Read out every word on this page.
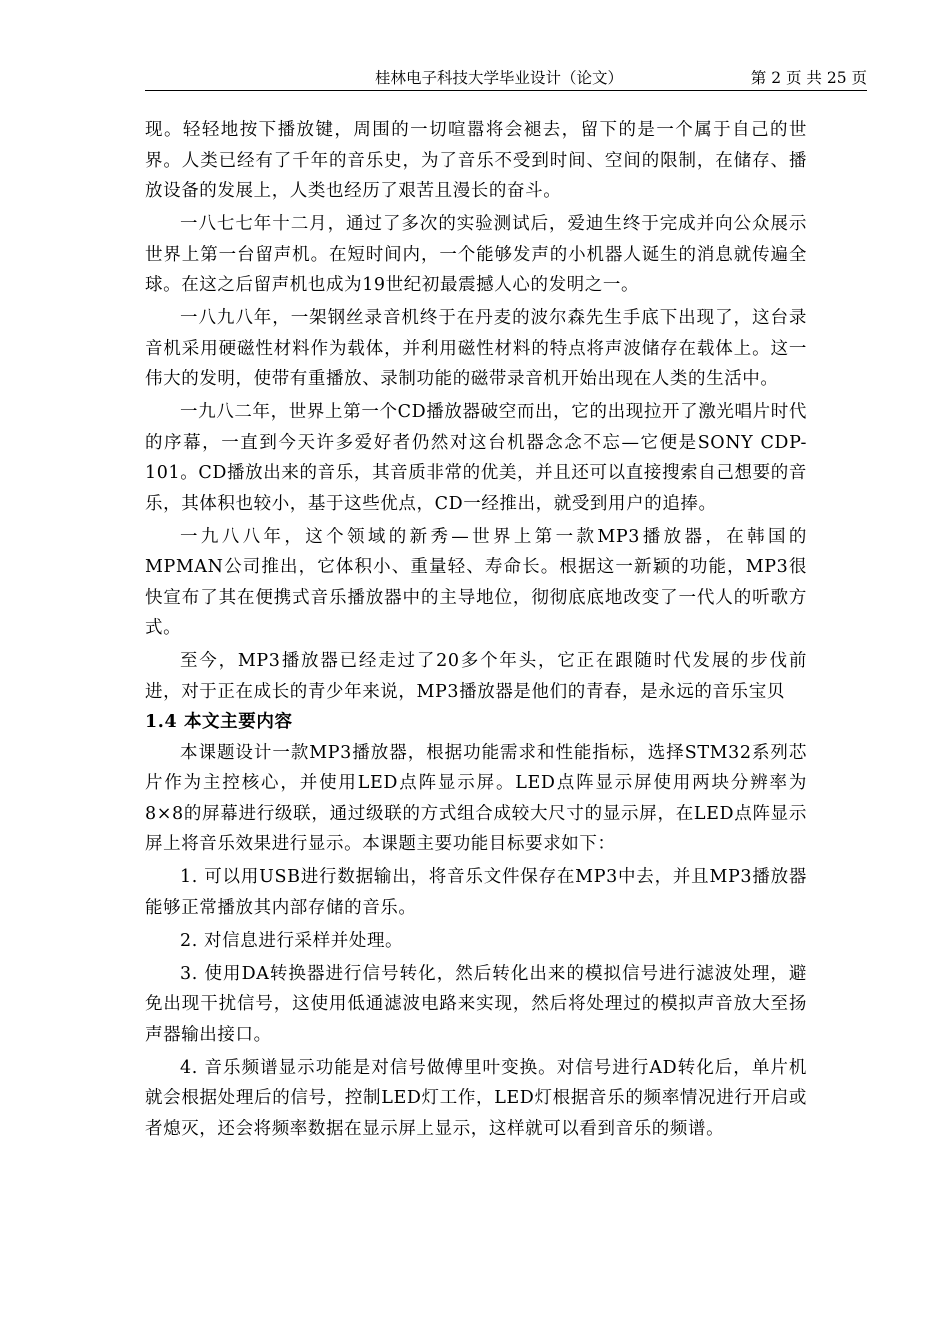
桂林电子科技大学毕业设计（论文）	第 2 页 共 25 页

现。轻轻地按下播放键，周围的一切喧嚣将会褪去，留下的是一个属于自己的世界。人类已经有了千年的音乐史，为了音乐不受到时间、空间的限制，在储存、播放设备的发展上，人类也经历了艰苦且漫长的奋斗。

一八七七年十二月，通过了多次的实验测试后，爱迪生终于完成并向公众展示世界上第一台留声机。在短时间内，一个能够发声的小机器人诞生的消息就传遍全球。在这之后留声机也成为19世纪初最震撼人心的发明之一。

一八九八年，一架钢丝录音机终于在丹麦的波尔森先生手底下出现了，这台录音机采用硬磁性材料作为载体，并利用磁性材料的特点将声波储存在载体上。这一伟大的发明，使带有重播放、录制功能的磁带录音机开始出现在人类的生活中。

一九八二年，世界上第一个CD播放器破空而出，它的出现拉开了激光唱片时代的序幕，一直到今天许多爱好者仍然对这台机器念念不忘—它便是SONY CDP-101。CD播放出来的音乐，其音质非常的优美，并且还可以直接搜索自己想要的音乐，其体积也较小，基于这些优点，CD一经推出，就受到用户的追捧。

一九八八年，这个领域的新秀—世界上第一款MP3播放器，在韩国的MPMAN公司推出，它体积小、重量轻、寿命长。根据这一新颖的功能，MP3很快宣布了其在便携式音乐播放器中的主导地位，彻彻底底地改变了一代人的听歌方式。

至今，MP3播放器已经走过了20多个年头，它正在跟随时代发展的步伐前进，对于正在成长的青少年来说，MP3播放器是他们的青春，是永远的音乐宝贝

1.4 本文主要内容

本课题设计一款MP3播放器，根据功能需求和性能指标，选择STM32系列芯片作为主控核心，并使用LED点阵显示屏。LED点阵显示屏使用两块分辨率为8×8的屏幕进行级联，通过级联的方式组合成较大尺寸的显示屏，在LED点阵显示屏上将音乐效果进行显示。本课题主要功能目标要求如下：

1. 可以用USB进行数据输出，将音乐文件保存在MP3中去，并且MP3播放器能够正常播放其内部存储的音乐。

2. 对信息进行采样并处理。

3. 使用DA转换器进行信号转化，然后转化出来的模拟信号进行滤波处理，避免出现干扰信号，这使用低通滤波电路来实现，然后将处理过的模拟声音放大至扬声器输出接口。

4. 音乐频谱显示功能是对信号做傅里叶变换。对信号进行AD转化后，单片机就会根据处理后的信号，控制LED灯工作，LED灯根据音乐的频率情况进行开启或者熄灭，还会将频率数据在显示屏上显示，这样就可以看到音乐的频谱。
